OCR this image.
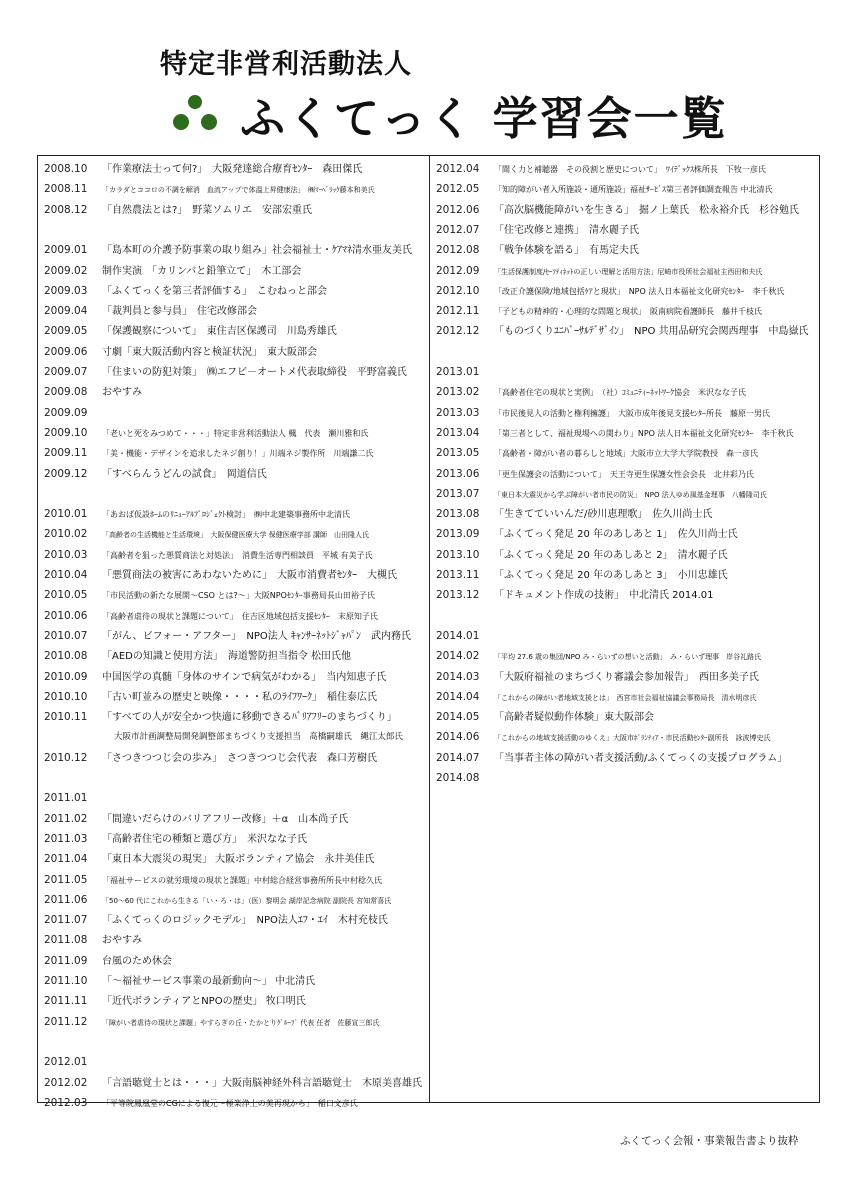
特定非営利活動法人
ふくてっく 学習会一覧
2008.10 「作業療法士って何?」　大阪発達総合療育ｾﾝﾀｰ　森田傑氏
2008.11 「カラダとココロの不調を解消　血流アップで体温上昇健康法」　㈱ﾏｰﾍﾞﾗｯｸ藤本和美氏
2008.12 「自然農法とは?」　野菜ソムリエ　安部宏重氏
2009.01 「島本町の介護予防事業の取り組み」社会福祉士・ｹｱﾏﾈ清水亜友美氏
2009.02 制作実演　「カリンバと鉛筆立て」　木工部会
2009.03 「ふくてっくを第三者評価する」　こむねっと部会
2009.04 「裁判員と参与員」　住宅改修部会
2009.05 「保護観察について」　東住吉区保護司　川島秀雄氏
2009.06 寸劇「東大阪活動内容と検証状況」　東大阪部会
2009.07 「住まいの防犯対策」　㈱エフビ－オートメ代表取締役　平野富義氏
2009.08 おやすみ
2009.09
2009.10 「老いと死をみつめて・・・」特定非営利活動法人 楓　代表　瀬川雅和氏
2009.11 「美・機能・デザインを追求したネジ創り！」川端ネジ製作所　川端謙二氏
2009.12 「すべらんうどんの試食」　岡道信氏
2010.01 「あおば仮設ﾎｰﾑのﾘﾆｭｰｱﾙﾌﾟﾛｼﾞｪｸﾄ検討」　㈱中北建築事務所中北清氏
2010.02 「高齢者の生活機能と生活環境」　大阪保健医療大学 保健医療学部 講師　山田隆人氏
2010.03 「高齢者を狙った悪質商法と対処法」　消費生活専門相談員　平城 有美子氏
2010.04 「悪質商法の被害にあわないために」　大阪市消費者ｾﾝﾀｰ　大槻氏
2010.05 「市民活動の新たな展開～CSO とは?～」大阪NPOｾﾝﾀｰ事務局長山田裕子氏
2010.06 「高齢者虐待の現状と課題について」　住吉区地域包括支援ｾﾝﾀｰ　末原知子氏
2010.07 「がん、ビフォー・アフター」　NPO法人 ｷｬﾝｻｰﾈｯﾄｼﾞｬﾊﾟﾝ　武内務氏
2010.08 「AEDの知識と使用方法」　海道警防担当指令 松田氏他
2010.09 中国医学の真髄「身体のサインで病気がわかる」　当内知恵子氏
2010.10 「古い町並みの歴史と映像・・・・私のﾗｲﾌﾜｰｸ」　稲住泰広氏
2010.11 「すべての人が安全かつ快適に移動できるﾊﾞﾘｱﾌﾘｰのまちづくり」
大阪市計画調整局開発調整部まちづくり支援担当　髙橋嗣雄氏　縄江太郎氏
2010.12 「さつきつつじ会の歩み」　さつきつつじ会代表　森口芳樹氏
2011.01
2011.02 「間違いだらけのバリアフリー改修」＋α　山本尚子氏
2011.03 「高齢者住宅の種類と選び方」　米沢なな子氏
2011.04 「東日本大震災の現実」 大阪ボランティア協会　永井美佳氏
2011.05 「福祉サービスの就労環境の現状と課題」中村総合経営事務所所長中村稔久氏
2011.06 「50～60 代にこれから生きる「い・ろ・は」（医）黎明会 湖岸記念病院 副院長 宮知常喜氏
2011.07 「ふくてっくのロジックモデル」　NPO法人ｴﾌ・ｴｲ　木村充枝氏
2011.08 おやすみ
2011.09 台風のため休会
2011.10 「～福祉サービス事業の最新動向～」 中北清氏
2011.11 「近代ボランティアとNPOの歴史」 牧口明氏
2011.12 「障がい者虐待の現状と課題」やすらぎの丘・たかとりｸﾞﾙｰﾌﾟ 代表 任者　佐藤宣三郎氏
2012.01
2012.02 「言語聴覚士とは・・・」大阪南脳神経外科言語聴覚士　木原美喜雄氏
2012.03 「平等院鳳凰堂のCGによる復元～極楽浄土の美再現から」　稲口文彦氏
2012.04 「聞く力と補聴器　その役割と歴史について」　ﾜｲﾃﾞｯｸｽ株所長　下牧一彦氏
2012.05 「知的障がい者入所施設・通所施設」福祉ｻｰﾋﾞｽ第三者評価調査報告 中北清氏
2012.06 「高次脳機能障がいを生きる」　掘ノ上葉氏　松永裕介氏　杉谷勉氏
2012.07 「住宅改修と連携」　清水麗子氏
2012.08 「戦争体験を語る」　有馬定夫氏
2012.09 「生活保護制度/ｾｰﾌﾃｨﾈｯﾄの正しい理解と活用方法」尼崎市役所社会福祉主西田和夫氏
2012.10 「改正介護保険/地域包括ｹｱと現状」　NPO 法人日本福祉文化研究ｾﾝﾀｰ　李千秋氏
2012.11 「子どもの精神的・心理的な問題と現状」　阪南病院看護師長　藤井千枝氏
2012.12 「ものづくりﾕﾆﾊﾞｰｻﾙﾃﾞｻﾞｲﾝ」　NPO 共用品研究会関西理事　中島嶽氏
2013.01
2013.02 「高齢者住宅の現状と実例」　（社）ｺﾐｭﾆﾃｨｰﾈｯﾄﾜｰｸ協会　米沢なな子氏
2013.03 「市民後見人の活動と権利擁護」　大阪市成年後見支援ｾﾝﾀｰ所長　藤原一男氏
2013.04 「第三者として、福祉現場への関わり」NPO 法人日本福祉文化研究ｾﾝﾀｰ　李千秋氏
2013.05 「高齢者・障がい者の暮らしと地域」大阪市立大学大学院教授　森一彦氏
2013.06 「更生保護会の活動について」　天王寺更生保護女性会会長　北井彩乃氏
2013.07 「東日本大震災から学ぶ障がい者市民の防災」　NPO 法人ゆめ風基金理事　八幡隆司氏
2013.08 「生きてていいんだ/砂川恵理歌」　佐久川尚士氏
2013.09 「ふくてっく発足 20 年のあしあと 1」　佐久川尚士氏
2013.10 「ふくてっく発足 20 年のあしあと 2」　清水麗子氏
2013.11 「ふくてっく発足 20 年のあしあと 3」　小川忠雄氏
2013.12 「ドキュメント作成の技術」　中北清氏 2014.01
2014.01
2014.02 「平均 27.6 歳の集団/NPO み・らいずの想いと活動」　み・らいず理事　岸谷礼路氏
2014.03 「大阪府福祉のまちづくり審議会参加報告」　西田多美子氏
2014.04 「これからの障がい者地域支援とは」　西宮市社会福祉協議会事務局長　清水明彦氏
2014.05 「高齢者疑似動作体験」東大阪部会
2014.06 「これからの地域支援活動のゆくえ」大阪市ﾎﾞﾗﾝﾃｨｱ・市民活動ｾﾝﾀｰ副所長　詠波博史氏
2014.07 「当事者主体の障がい者支援活動/ふくてっくの支援プログラム」
2014.08
ふくてっく会報・事業報告書より抜粋
